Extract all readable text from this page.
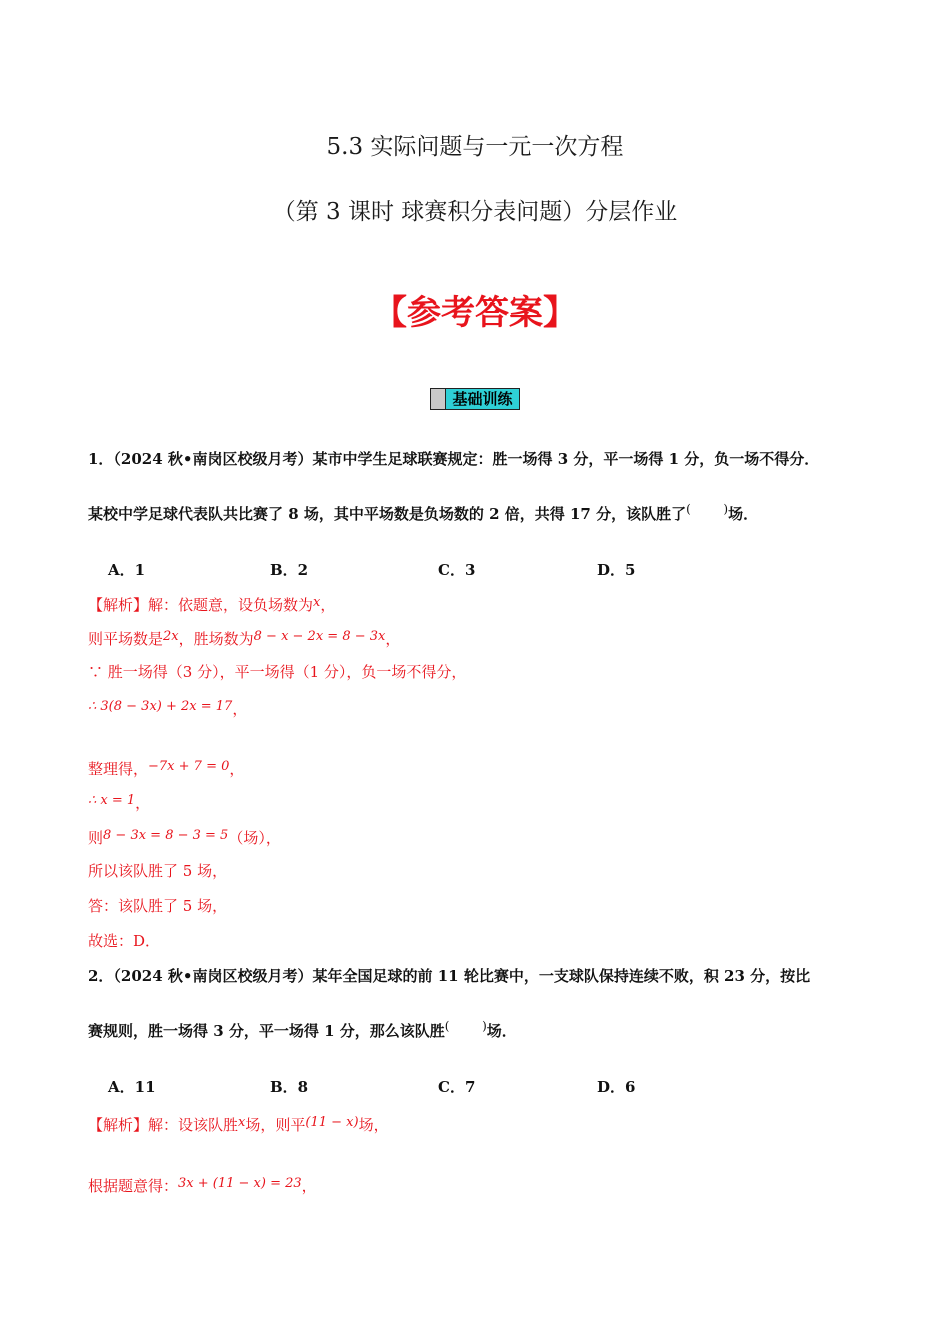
5.3 实际问题与一元一次方程
（第 3 课时 球赛积分表问题）分层作业
【参考答案】
基础训练
1．（2024 秋•南岗区校级月考）某市中学生足球联赛规定：胜一场得 3 分，平一场得 1 分，负一场不得分．
某校中学足球代表队共比赛了 8 场，其中平场数是负场数的 2 倍，共得 17 分，该队胜了(	) 场．
A．1	B．2	C．3	D．5
【解析】解：依题意，设负场数为x，
则平场数是2x，胜场数为8 − x − 2x = 8 − 3x，
∵ 胜一场得（3 分），平一场得（1 分），负一场不得分，
∴ 3(8 − 3x) + 2x = 17，
整理得，−7x + 7 = 0，
∴ x = 1，
则8 − 3x = 8 − 3 = 5（场），
所以该队胜了 5 场，
答：该队胜了 5 场，
故选：D．
2．（2024 秋•南岗区校级月考）某年全国足球的前 11 轮比赛中，一支球队保持连续不败，积 23 分，按比
赛规则，胜一场得 3 分，平一场得 1 分，那么该队胜(	) 场．
A．11	B．8	C．7	D．6
【解析】解：设该队胜x场，则平(11 − x)场，
根据题意得：3x + (11 − x) = 23，
